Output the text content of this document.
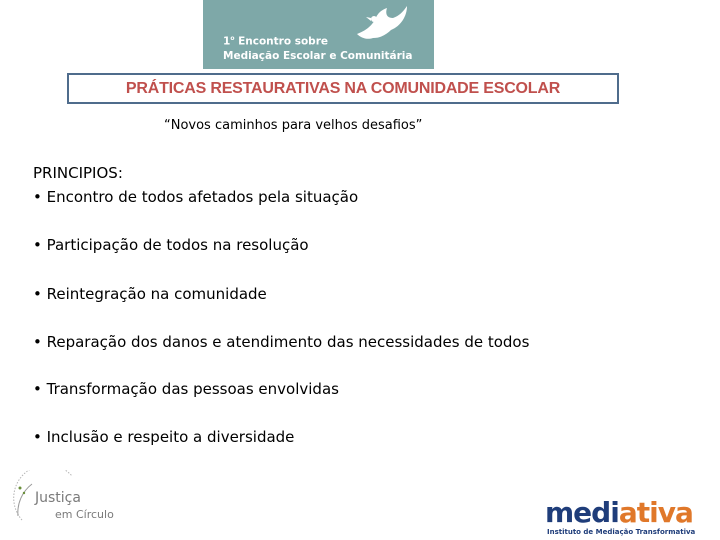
1$^o$ Encontro sobre
Mediação Escolar e Comunitária
PRÁTICAS RESTAURATIVAS NA COMUNIDADE ESCOLAR
“Novos caminhos para velhos desafios”
PRINCIPIOS:
• Encontro de todos afetados pela situação
• Participação de todos na resolução
• Reintegração na comunidade
• Reparação dos danos e atendimento das necessidades de todos
• Transformação das pessoas envolvidas
• Inclusão e respeito a diversidade
Justiça
em Círculo	mediativa
Instituto de Mediação Transformativa
